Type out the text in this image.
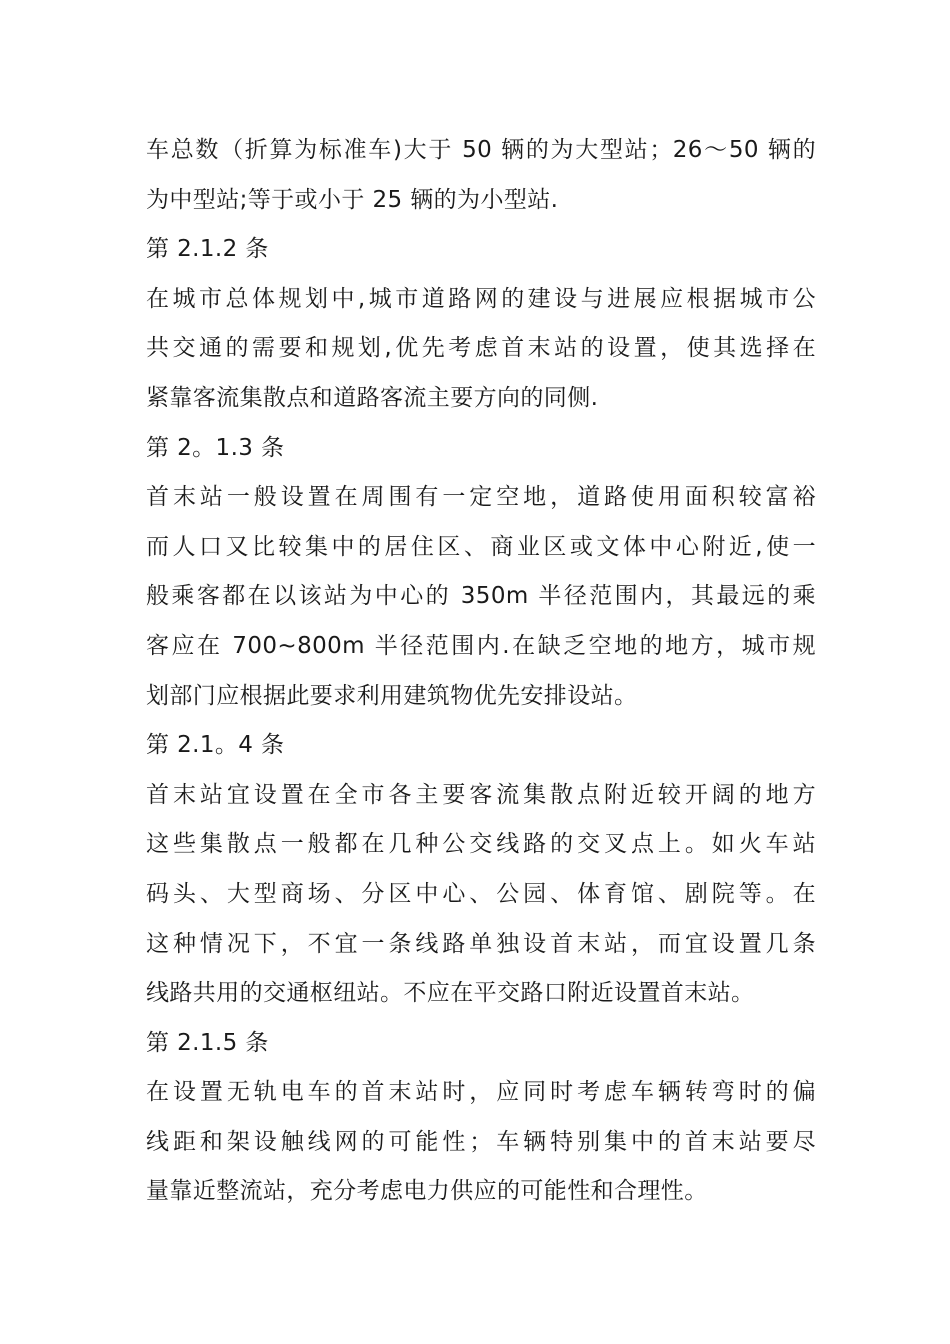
车总数（折算为标准车)大于 50 辆的为大型站；26～50 辆的
为中型站;等于或小于 25 辆的为小型站.
第 2.1.2 条
在城市总体规划中,城市道路网的建设与进展应根据城市公
共交通的需要和规划,优先考虑首末站的设置，使其选择在
紧靠客流集散点和道路客流主要方向的同侧.
第 2。1.3 条
首末站一般设置在周围有一定空地，道路使用面积较富裕
而人口又比较集中的居住区、商业区或文体中心附近,使一
般乘客都在以该站为中心的 350m 半径范围内，其最远的乘
客应在 700~800m 半径范围内.在缺乏空地的地方，城市规
划部门应根据此要求利用建筑物优先安排设站。
第 2.1。4 条
首末站宜设置在全市各主要客流集散点附近较开阔的地方
这些集散点一般都在几种公交线路的交叉点上。如火车站
码头、大型商场、分区中心、公园、体育馆、剧院等。在
这种情况下，不宜一条线路单独设首末站，而宜设置几条
线路共用的交通枢纽站。不应在平交路口附近设置首末站。
第 2.1.5 条
在设置无轨电车的首末站时，应同时考虑车辆转弯时的偏
线距和架设触线网的可能性；车辆特别集中的首末站要尽
量靠近整流站，充分考虑电力供应的可能性和合理性。
